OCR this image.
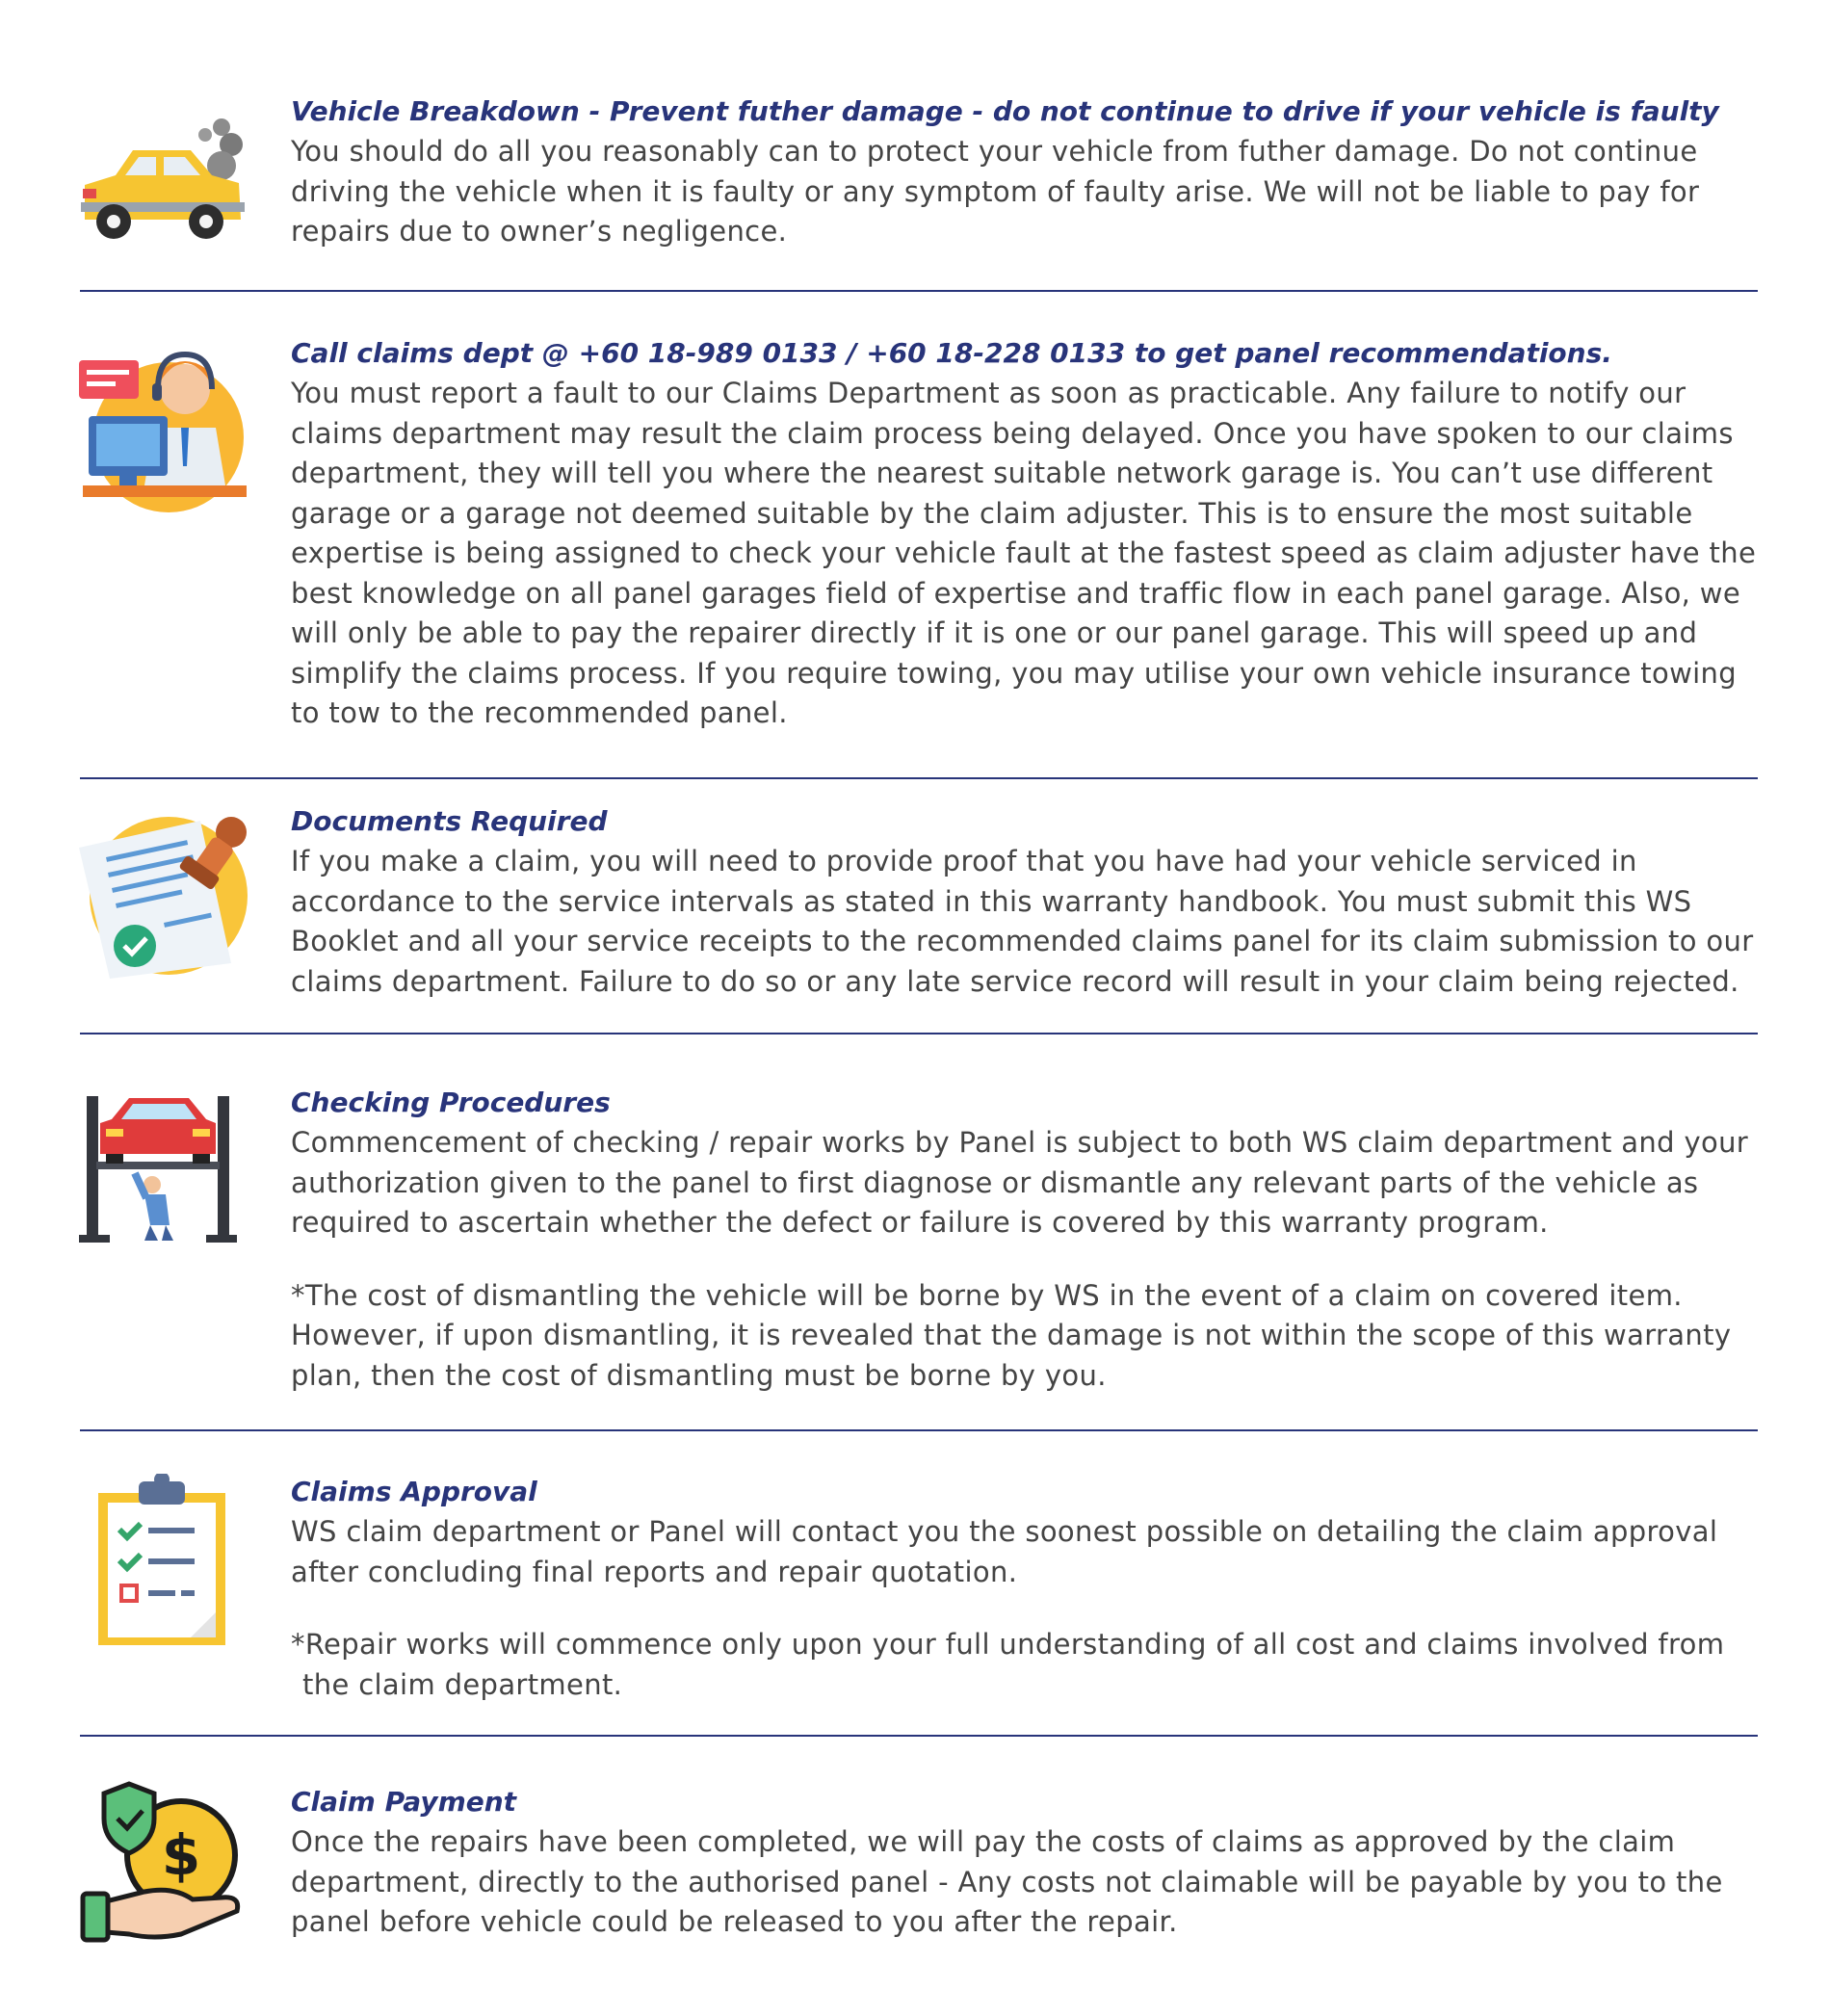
Vehicle Breakdown - Prevent futher damage - do not continue to drive if your vehicle is faulty

You should do all you reasonably can to protect your vehicle from futher damage. Do not continue driving the vehicle when it is faulty or any symptom of faulty arise. We will not be liable to pay for repairs due to owner’s negligence.

Call claims dept @ +60 18-989 0133 / +60 18-228 0133 to get panel recommendations.

You must report a fault to our Claims Department as soon as practicable. Any failure to notify our claims department may result the claim process being delayed. Once you have spoken to our claims department, they will tell you where the nearest suitable network garage is. You can’t use different garage or a garage not deemed suitable by the claim adjuster. This is to ensure the most suitable expertise is being assigned to check your vehicle fault at the fastest speed as claim adjuster have the best knowledge on all panel garages field of expertise and traffic flow in each panel garage. Also, we will only be able to pay the repairer directly if it is one or our panel garage. This will speed up and simplify the claims process. If you require towing, you may utilise your own vehicle insurance towing to tow to the recommended panel.

Documents Required

If you make a claim, you will need to provide proof that you have had your vehicle serviced in accordance to the service intervals as stated in this warranty handbook. You must submit this WS Booklet and all your service receipts to the recommended claims panel for its claim submission to our claims department. Failure to do so or any late service record will result in your claim being rejected.

Checking Procedures

Commencement of checking / repair works by Panel is subject to both WS claim department and your authorization given to the panel to first diagnose or dismantle any relevant parts of the vehicle as required to ascertain whether the defect or failure is covered by this warranty program.

*The cost of dismantling the vehicle will be borne by WS in the event of a claim on covered item. However, if upon dismantling, it is revealed that the damage is not within the scope of this warranty plan, then the cost of dismantling must be borne by you.

Claims Approval

WS claim department or Panel will contact you the soonest possible on detailing the claim approval after concluding final reports and repair quotation.

*Repair works will commence only upon your full understanding of all cost and claims involved from the claim department.

$
Claim Payment

Once the repairs have been completed, we will pay the costs of claims as approved by the claim department, directly to the authorised panel - Any costs not claimable will be payable by you to the panel before vehicle could be released to you after the repair.
